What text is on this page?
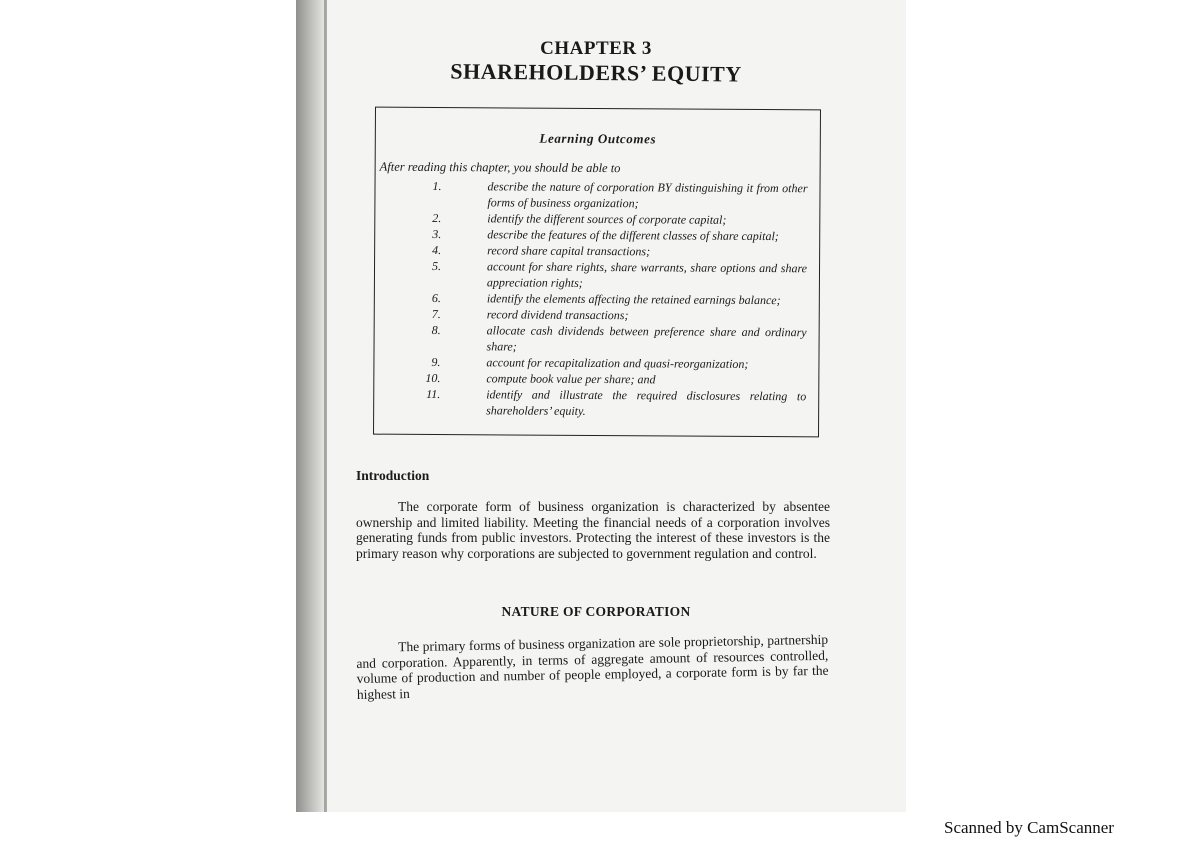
CHAPTER 3
SHAREHOLDERS’ EQUITY
Learning Outcomes
After reading this chapter, you should be able to
1.	describe the nature of corporation BY distinguishing it from other forms of business organization;
2.	identify the different sources of corporate capital;
3.	describe the features of the different classes of share capital;
4.	record share capital transactions;
5.	account for share rights, share warrants, share options and share appreciation rights;
6.	identify the elements affecting the retained earnings balance;
7.	record dividend transactions;
8.	allocate cash dividends between preference share and ordinary share;
9.	account for recapitalization and quasi-reorganization;
10.	compute book value per share; and
11.	identify and illustrate the required disclosures relating to shareholders’ equity.
Introduction
The corporate form of business organization is characterized by absentee ownership and limited liability. Meeting the financial needs of a corporation involves generating funds from public investors. Protecting the interest of these investors is the primary reason why corporations are subjected to government regulation and control.
NATURE OF CORPORATION
The primary forms of business organization are sole proprietorship, partnership and corporation. Apparently, in terms of aggregate amount of resources controlled, volume of production and number of people employed, a corporate form is by far the highest in
Scanned by CamScanner
